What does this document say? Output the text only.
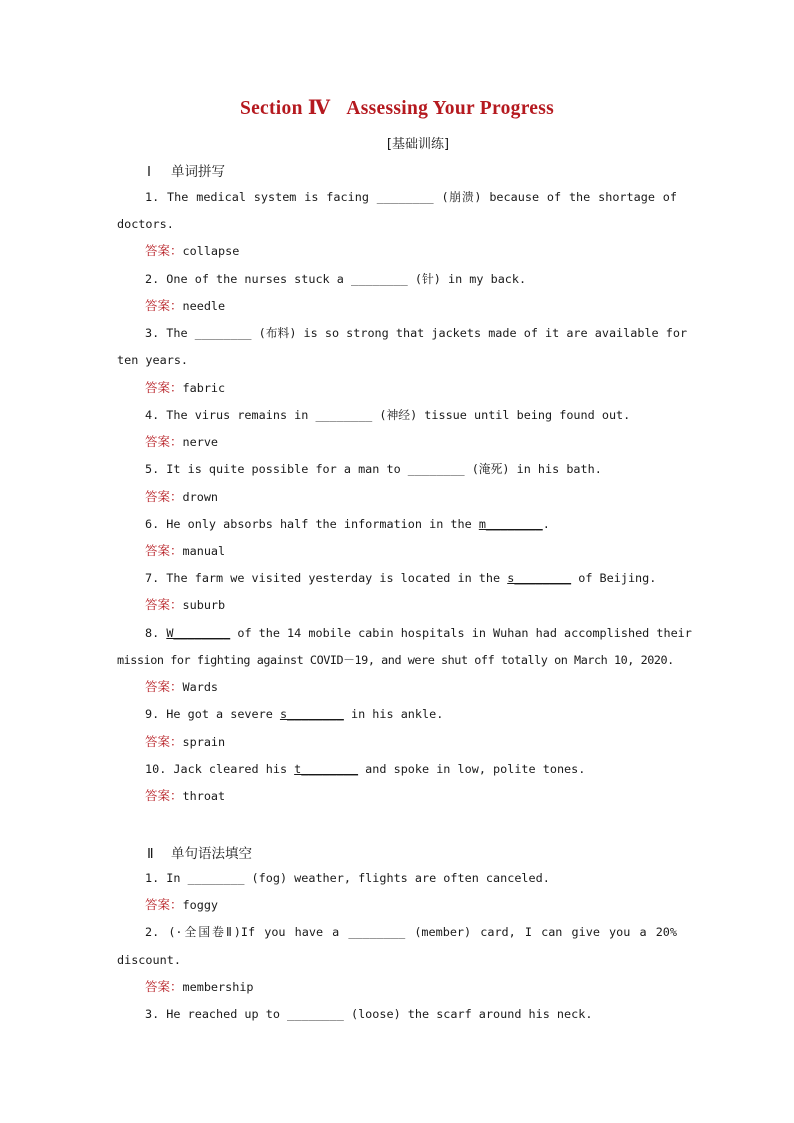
Section Ⅳ Assessing Your Progress
[基础训练]
Ⅰ 单词拼写
1. The medical system is facing ________ (崩溃) because of the shortage of
doctors.
答案：collapse
2. One of the nurses stuck a ________ (针) in my back.
答案：needle
3. The ________ (布料) is so strong that jackets made of it are available for
ten years.
答案：fabric
4. The virus remains in ________ (神经) tissue until being found out.
答案：nerve
5. It is quite possible for a man to ________ (淹死) in his bath.
答案：drown
6. He only absorbs half the information in the m________.
答案：manual
7. The farm we visited yesterday is located in the s________ of Beijing.
答案：suburb
8. W________ of the 14 mobile cabin hospitals in Wuhan had accomplished their
mission for fighting against COVID－19, and were shut off totally on March 10, 2020.
答案：Wards
9. He got a severe s________ in his ankle.
答案：sprain
10. Jack cleared his t________ and spoke in low, polite tones.
答案：throat
Ⅱ 单句语法填空
1. In ________ (fog) weather, flights are often canceled.
答案：foggy
2. (·全国卷Ⅱ)If you have a ________ (member) card, I can give you a 20%
discount.
答案：membership
3. He reached up to ________ (loose) the scarf around his neck.
